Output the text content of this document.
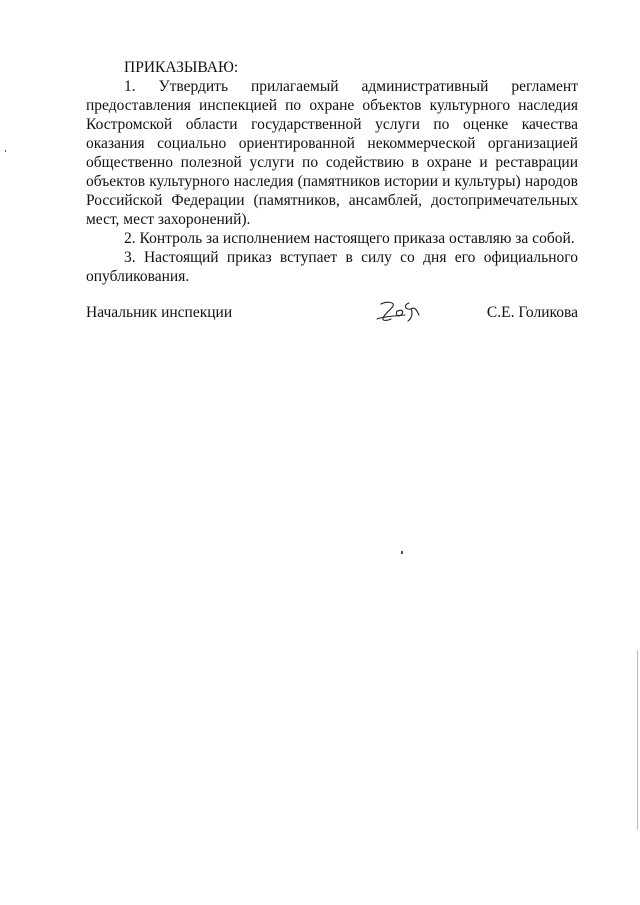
ПРИКАЗЫВАЮ:

1. Утвердить прилагаемый административный регламент предоставления инспекцией по охране объектов культурного наследия Костромской области государственной услуги по оценке качества оказания социально ориентированной некоммерческой организацией общественно полезной услуги по содействию в охране и реставрации объектов культурного наследия (памятников истории и культуры) народов Российской Федерации (памятников, ансамблей, достопримечательных мест, мест захоронений).

2. Контроль за исполнением настоящего приказа оставляю за собой.

3. Настоящий приказ вступает в силу со дня его официального опубликования.

Начальник инспекции	С.Е. Голикова
